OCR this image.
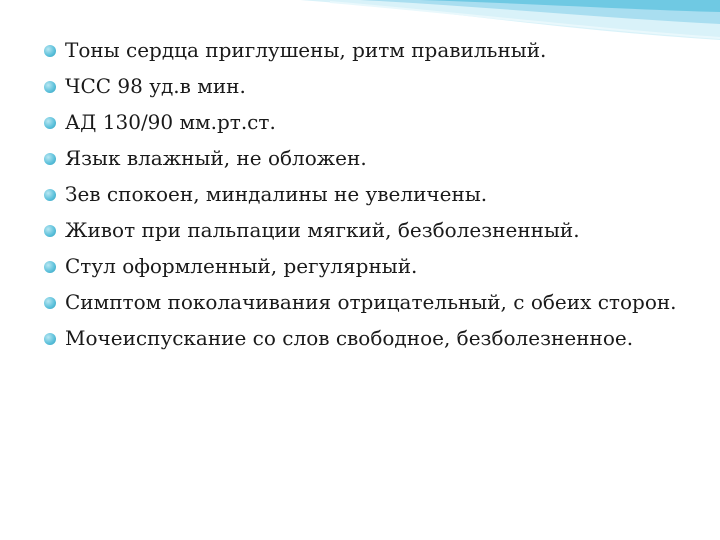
Тоны сердца приглушены, ритм правильный.
ЧСС 98 уд.в мин.
АД 130/90 мм.рт.ст.
Язык влажный, не обложен.
Зев спокоен, миндалины не увеличены.
Живот при пальпации мягкий, безболезненный.
Стул оформленный, регулярный.
Симптом поколачивания отрицательный, с обеих сторон.
Мочеиспускание со слов свободное, безболезненное.
